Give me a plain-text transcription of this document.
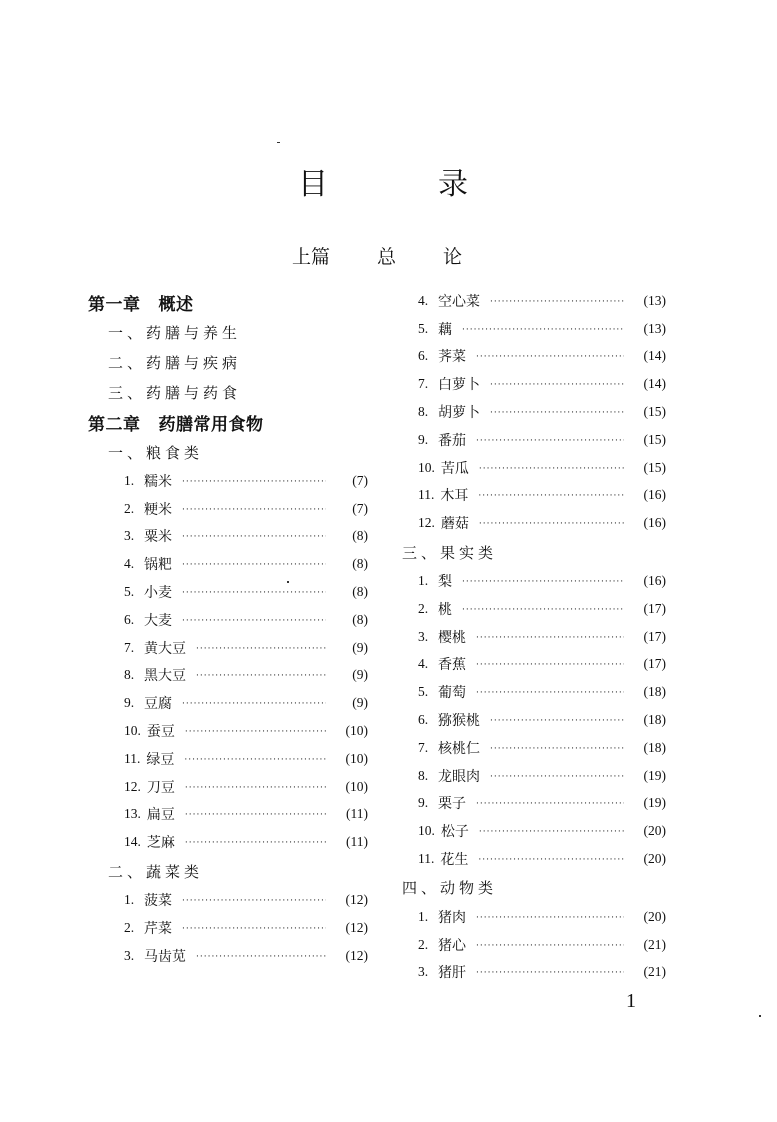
目	录
上篇 总 论
第一章 概述
一、药膳与养生
二、药膳与疾病
三、药膳与药食
第二章 药膳常用食物
一、粮食类
1. 糯米 ·····	(7)
2. 粳米 ·····	(7)
3. 粟米 ·····	(8)
4. 锅粑 ·····	(8)
5. 小麦 ·····	(8)
6. 大麦 ·····	(8)
7. 黄大豆 ·····	(9)
8. 黑大豆 ·····	(9)
9. 豆腐 ·····	(9)
10. 蚕豆 ·····	(10)
11. 绿豆 ·····	(10)
12. 刀豆 ·····	(10)
13. 扁豆 ·····	(11)
14. 芝麻 ·····	(11)
二、蔬菜类
1. 菠菜 ·····	(12)
2. 芹菜 ·····	(12)
3. 马齿苋 ·····	(12)
4. 空心菜 ·····	(13)
5. 藕 ·····	(13)
6. 荠菜 ·····	(14)
7. 白萝卜 ·····	(14)
8. 胡萝卜 ·····	(15)
9. 番茄 ·····	(15)
10. 苦瓜 ·····	(15)
11. 木耳 ·····	(16)
12. 蘑菇 ·····	(16)
三、果实类
1. 梨 ·····	(16)
2. 桃 ·····	(17)
3. 樱桃 ·····	(17)
4. 香蕉 ·····	(17)
5. 葡萄 ·····	(18)
6. 猕猴桃 ·····	(18)
7. 核桃仁 ·····	(18)
8. 龙眼肉 ·····	(19)
9. 栗子 ·····	(19)
10. 松子 ·····	(20)
11. 花生 ·····	(20)
四、动物类
1. 猪肉 ·····	(20)
2. 猪心 ·····	(21)
3. 猪肝 ·····	(21)
1
